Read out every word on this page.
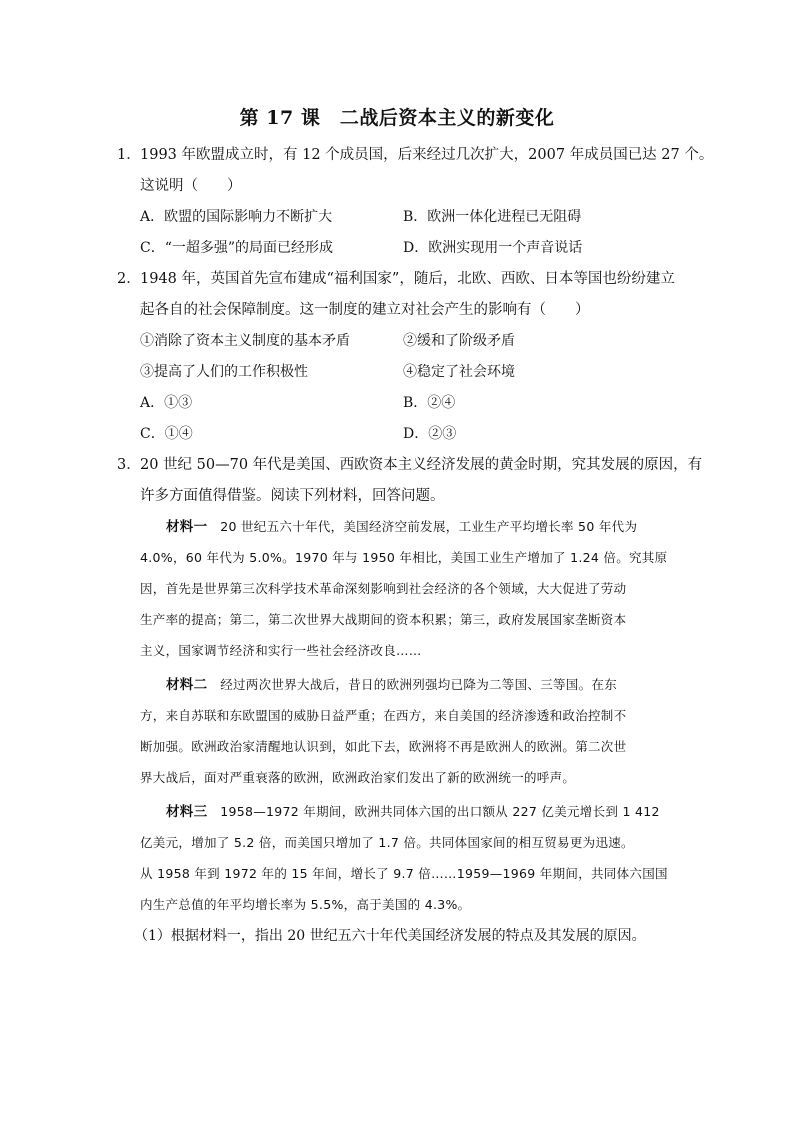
第 17 课　二战后资本主义的新变化
1． 1993 年欧盟成立时，有 12 个成员国，后来经过几次扩大，2007 年成员国已达 27 个。
这说明（　　）
A．欧盟的国际影响力不断扩大	B．欧洲一体化进程已无阻碍
C．“一超多强”的局面已经形成	D．欧洲实现用一个声音说话
2． 1948 年，英国首先宣布建成“福利国家”，随后，北欧、西欧、日本等国也纷纷建立
起各自的社会保障制度。这一制度的建立对社会产生的影响有（　　）
①消除了资本主义制度的基本矛盾	②缓和了阶级矛盾
③提高了人们的工作积极性	④稳定了社会环境
A．①③	B．②④
C．①④	D．②③
3． 20 世纪 50—70 年代是美国、西欧资本主义经济发展的黄金时期，究其发展的原因，有
许多方面值得借鉴。阅读下列材料，回答问题。
材料一　20 世纪五六十年代，美国经济空前发展，工业生产平均增长率 50 年代为
4.0%，60 年代为 5.0%。1970 年与 1950 年相比，美国工业生产增加了 1.24 倍。究其原
因，首先是世界第三次科学技术革命深刻影响到社会经济的各个领域，大大促进了劳动
生产率的提高；第二，第二次世界大战期间的资本积累；第三，政府发展国家垄断资本
主义，国家调节经济和实行一些社会经济改良……
材料二　经过两次世界大战后，昔日的欧洲列强均已降为二等国、三等国。在东
方，来自苏联和东欧盟国的威胁日益严重；在西方，来自美国的经济渗透和政治控制不
断加强。欧洲政治家清醒地认识到，如此下去，欧洲将不再是欧洲人的欧洲。第二次世
界大战后，面对严重衰落的欧洲，欧洲政治家们发出了新的欧洲统一的呼声。
材料三　1958—1972 年期间，欧洲共同体六国的出口额从 227 亿美元增长到 1 412
亿美元，增加了 5.2 倍，而美国只增加了 1.7 倍。共同体国家间的相互贸易更为迅速。
从 1958 年到 1972 年的 15 年间，增长了 9.7 倍……1959—1969 年期间，共同体六国国
内生产总值的年平均增长率为 5.5%，高于美国的 4.3%。
（1）根据材料一，指出 20 世纪五六十年代美国经济发展的特点及其发展的原因。
